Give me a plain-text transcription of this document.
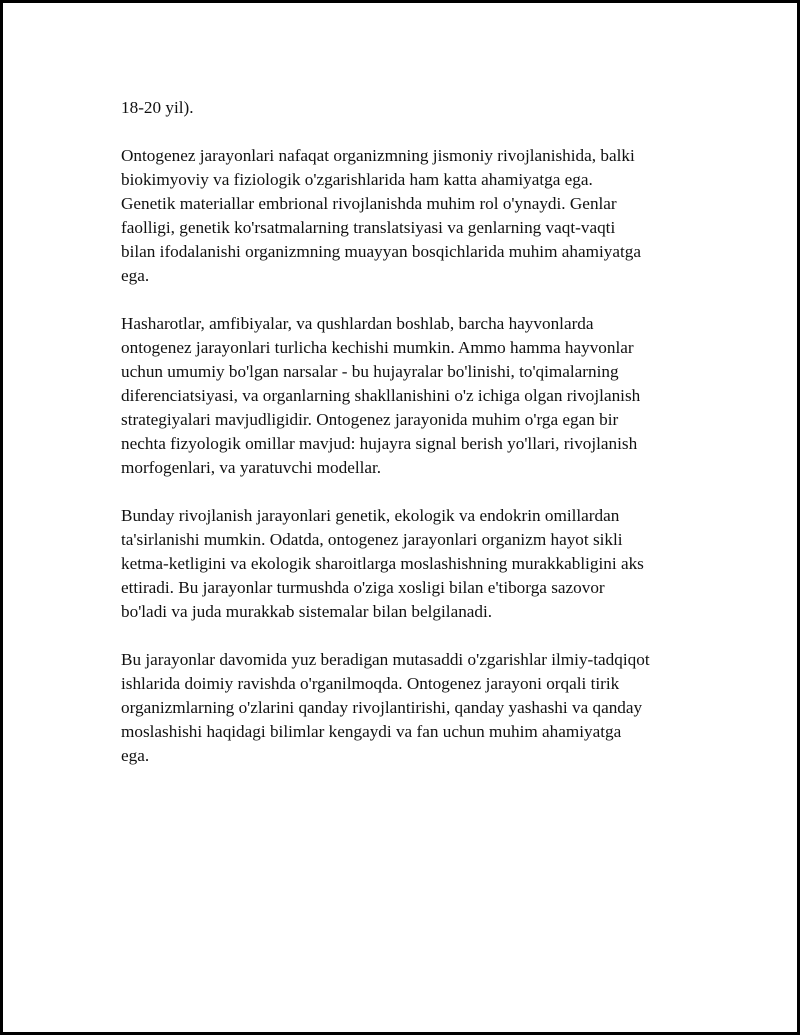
18-20 yil).

Ontogenez jarayonlari nafaqat organizmning jismoniy rivojlanishida, balki
biokimyoviy va fiziologik o'zgarishlarida ham katta ahamiyatga ega.
Genetik materiallar embrional rivojlanishda muhim rol o'ynaydi. Genlar
faolligi, genetik ko'rsatmalarning translatsiyasi va genlarning vaqt-vaqti
bilan ifodalanishi organizmning muayyan bosqichlarida muhim ahamiyatga
ega.

Hasharotlar, amfibiyalar, va qushlardan boshlab, barcha hayvonlarda
ontogenez jarayonlari turlicha kechishi mumkin. Ammo hamma hayvonlar
uchun umumiy bo'lgan narsalar - bu hujayralar bo'linishi, to'qimalarning
diferenciatsiyasi, va organlarning shakllanishini o'z ichiga olgan rivojlanish
strategiyalari mavjudligidir. Ontogenez jarayonida muhim o'rga egan bir
nechta fizyologik omillar mavjud: hujayra signal berish yo'llari, rivojlanish
morfogenlari, va yaratuvchi modellar.

Bunday rivojlanish jarayonlari genetik, ekologik va endokrin omillardan
ta'sirlanishi mumkin. Odatda, ontogenez jarayonlari organizm hayot sikli
ketma-ketligini va ekologik sharoitlarga moslashishning murakkabligini aks
ettiradi. Bu jarayonlar turmushda o'ziga xosligi bilan e'tiborga sazovor
bo'ladi va juda murakkab sistemalar bilan belgilanadi.

Bu jarayonlar davomida yuz beradigan mutasaddi o'zgarishlar ilmiy-tadqiqot
ishlarida doimiy ravishda o'rganilmoqda. Ontogenez jarayoni orqali tirik
organizmlarning o'zlarini qanday rivojlantirishi, qanday yashashi va qanday
moslashishi haqidagi bilimlar kengaydi va fan uchun muhim ahamiyatga
ega.
